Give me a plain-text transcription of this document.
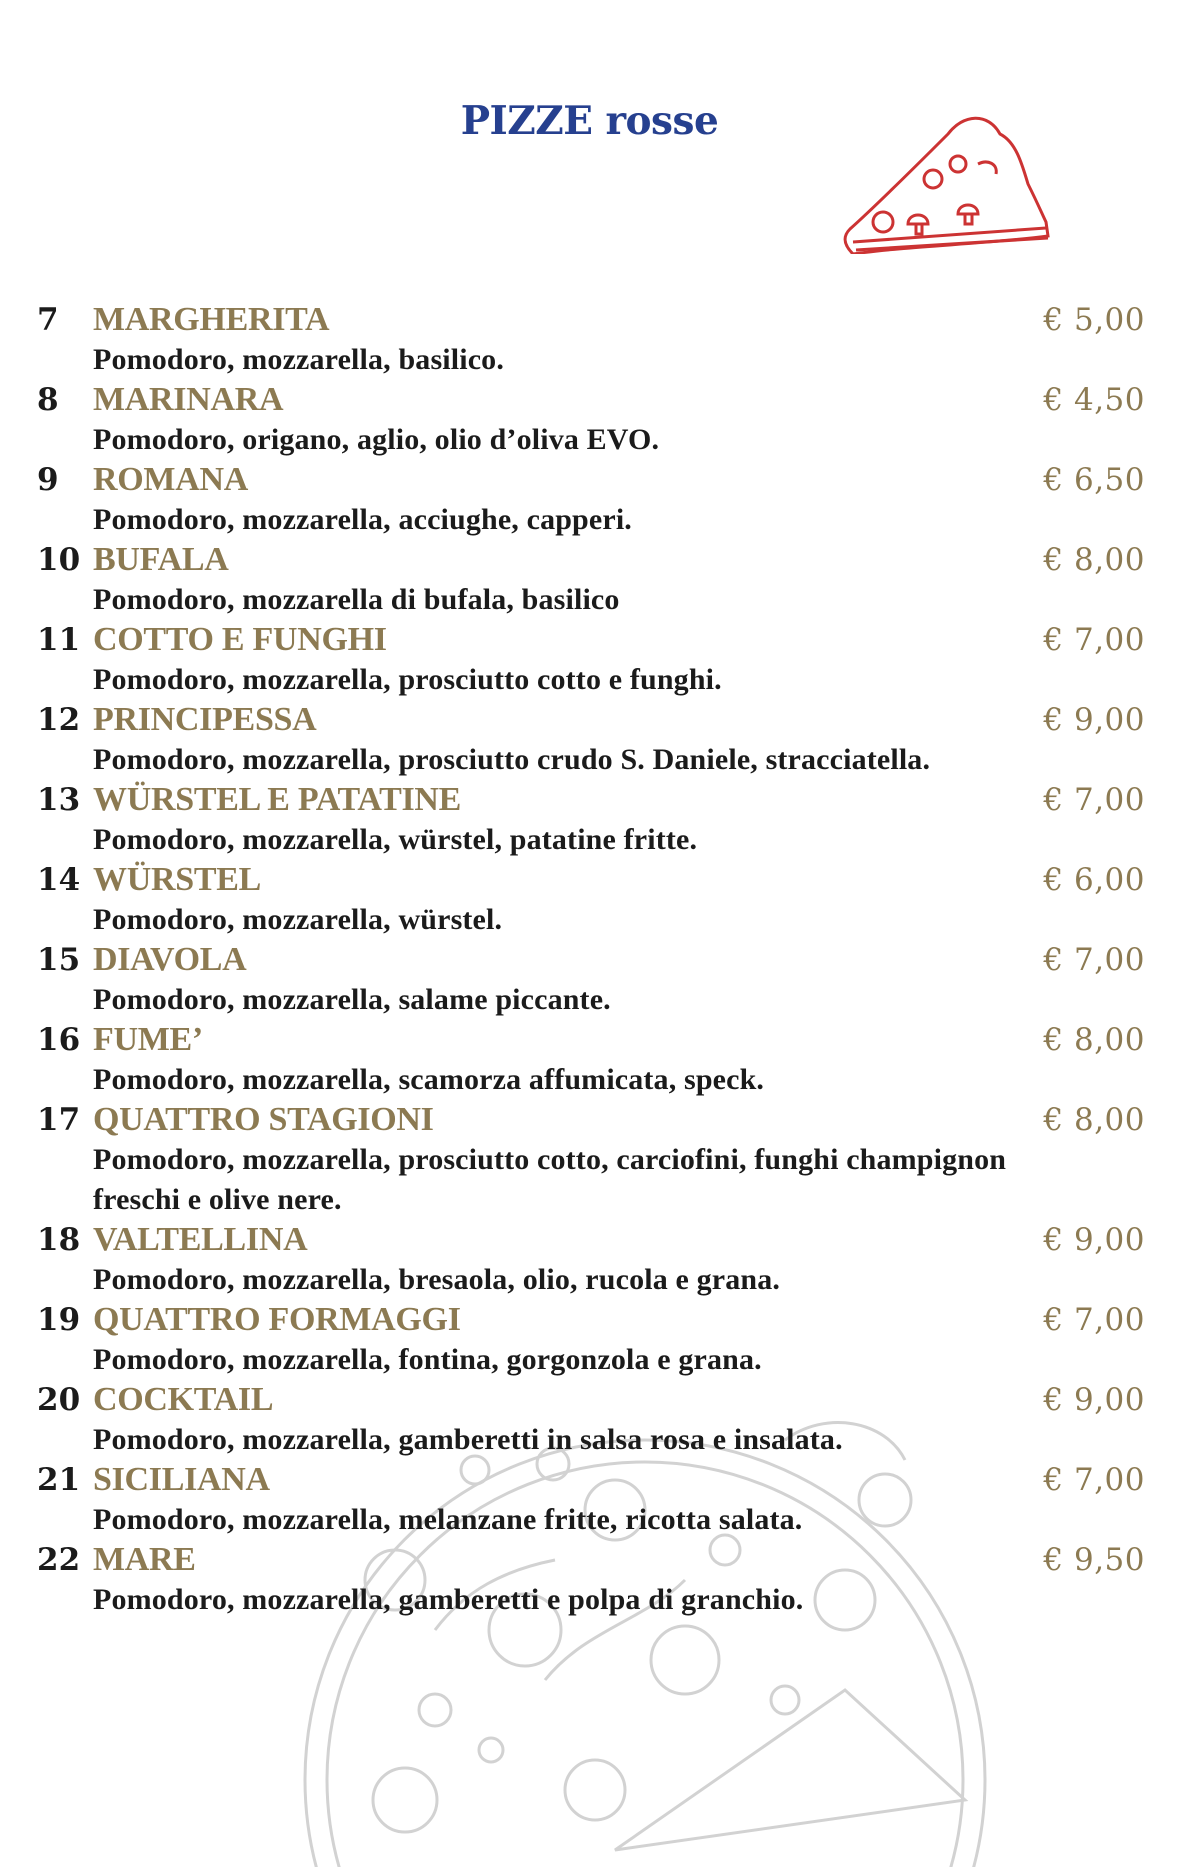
PIZZE rosse
7 MARGHERITA	€ 5,00
Pomodoro, mozzarella, basilico.
8 MARINARA	€ 4,50
Pomodoro, origano, aglio, olio d’oliva EVO.
9 ROMANA	€ 6,50
Pomodoro, mozzarella, acciughe, capperi.
10 BUFALA	€ 8,00
Pomodoro, mozzarella di bufala, basilico
11 COTTO E FUNGHI	€ 7,00
Pomodoro, mozzarella, prosciutto cotto e funghi.
12 PRINCIPESSA	€ 9,00
Pomodoro, mozzarella, prosciutto crudo S. Daniele, stracciatella.
13 WÜRSTEL E PATATINE	€ 7,00
Pomodoro, mozzarella, würstel, patatine fritte.
14 WÜRSTEL	€ 6,00
Pomodoro, mozzarella, würstel.
15 DIAVOLA	€ 7,00
Pomodoro, mozzarella, salame piccante.
16 FUME’	€ 8,00
Pomodoro, mozzarella, scamorza affumicata, speck.
17 QUATTRO STAGIONI	€ 8,00
Pomodoro, mozzarella, prosciutto cotto, carciofini, funghi champignon freschi e olive nere.
18 VALTELLINA	€ 9,00
Pomodoro, mozzarella, bresaola, olio, rucola e grana.
19 QUATTRO FORMAGGI	€ 7,00
Pomodoro, mozzarella, fontina, gorgonzola e grana.
20 COCKTAIL	€ 9,00
Pomodoro, mozzarella, gamberetti in salsa rosa e insalata.
21 SICILIANA	€ 7,00
Pomodoro, mozzarella, melanzane fritte, ricotta salata.
22 MARE	€ 9,50
Pomodoro, mozzarella, gamberetti e polpa di granchio.
